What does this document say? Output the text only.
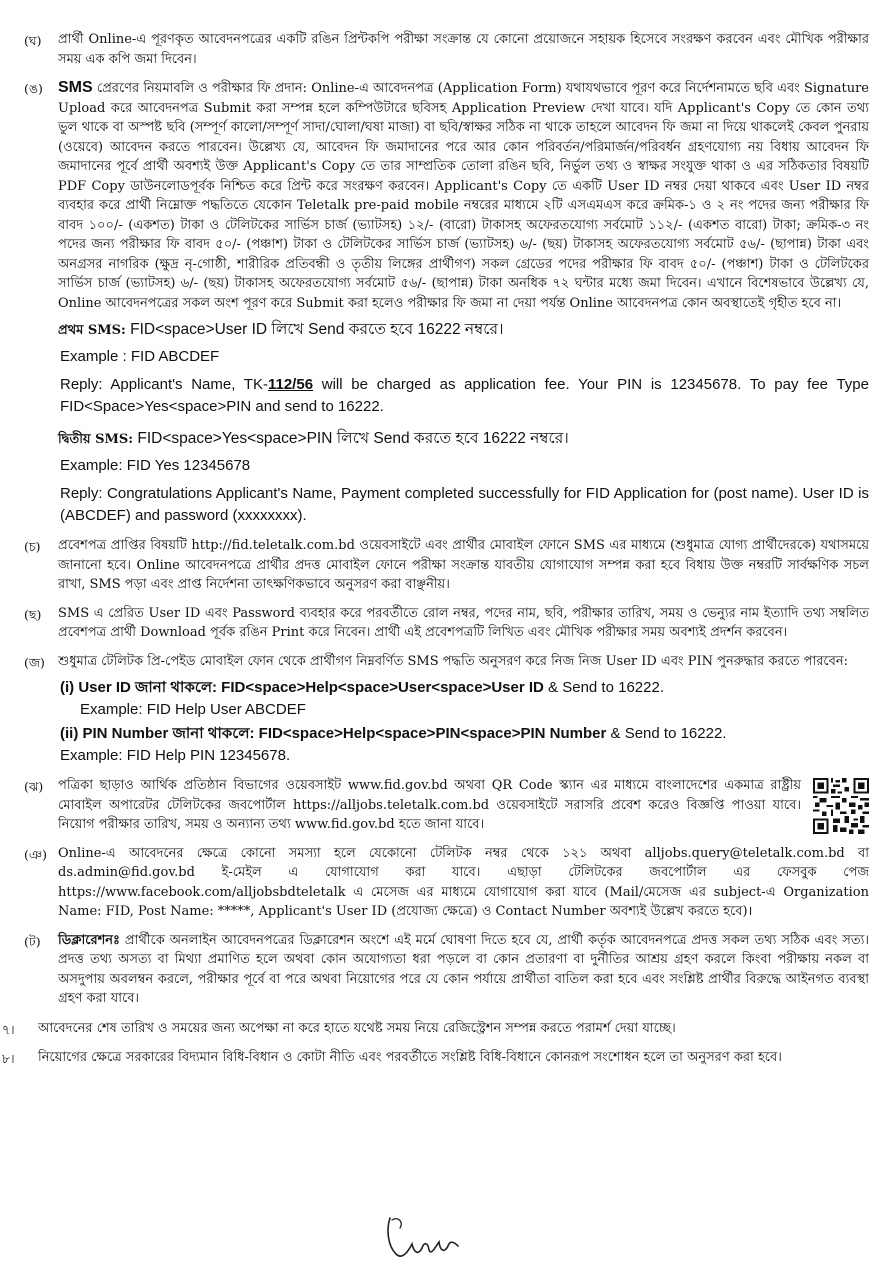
(ঘ)	প্রার্থী Online-এ পূরণকৃত আবেদনপত্রের একটি রঙিন প্রিন্টকপি পরীক্ষা সংক্রান্ত যে কোনো প্রয়োজনে সহায়ক হিসেবে সংরক্ষণ করবেন এবং মৌখিক পরীক্ষার সময় এক কপি জমা দিবেন।

(ঙ) SMS প্রেরণের নিয়মাবলি ও পরীক্ষার ফি প্রদান: Online-এ আবেদনপত্র (Application Form) যথাযথভাবে পূরণ করে নির্দেশনামতে ছবি এবং Signature Upload করে আবেদনপত্র Submit করা সম্পন্ন হলে কম্পিউটারে ছবিসহ Application Preview দেখা যাবে। যদি Applicant's Copy তে কোন তথ্য ভুল থাকে বা অস্পষ্ট ছবি (সম্পূর্ণ কালো/সম্পূর্ণ সাদা/ঘোলা/ঘষা মাজা) বা ছবি/স্বাক্ষর সঠিক না থাকে তাহলে আবেদন ফি জমা না দিয়ে থাকলেই কেবল পুনরায় (ওয়েবে) আবেদন করতে পারবেন। উল্লেখ্য যে, আবেদন ফি জমাদানের পরে আর কোন পরিবর্তন/পরিমার্জন/পরিবর্ধন গ্রহণযোগ্য নয় বিধায় আবেদন ফি জমাদানের পূর্বে প্রার্থী অবশ্যই উক্ত Applicant's Copy তে তার সাম্প্রতিক তোলা রঙিন ছবি, নির্ভুল তথ্য ও স্বাক্ষর সংযুক্ত থাকা ও এর সঠিকতার বিষয়টি PDF Copy ডাউনলোডপূর্বক নিশ্চিত করে প্রিন্ট করে সংরক্ষণ করবেন। Applicant's Copy তে একটি User ID নম্বর দেয়া থাকবে এবং User ID নম্বর ব্যবহার করে প্রার্থী নিম্নোক্ত পদ্ধতিতে যেকোন Teletalk pre-paid mobile নম্বরের মাধ্যমে ২টি এসএমএস করে ক্রমিক-১ ও ২ নং পদের জন্য পরীক্ষার ফি বাবদ ১০০/- (একশত) টাকা ও টেলিটকের সার্ভিস চার্জ (ভ্যাটসহ) ১২/- (বারো) টাকাসহ অফেরতযোগ্য সর্বমোট ১১২/- (একশত বারো) টাকা; ক্রমিক-৩ নং পদের জন্য পরীক্ষার ফি বাবদ ৫০/- (পঞ্চাশ) টাকা ও টেলিটকের সার্ভিস চার্জ (ভ্যাটসহ) ৬/- (ছয়) টাকাসহ অফেরতযোগ্য সর্বমোট ৫৬/- (ছাপান্ন) টাকা এবং অনগ্রসর নাগরিক (ক্ষুদ্র নৃ-গোষ্ঠী, শারীরিক প্রতিবন্ধী ও তৃতীয় লিঙ্গের প্রার্থীগণ) সকল গ্রেডের পদের পরীক্ষার ফি বাবদ ৫০/- (পঞ্চাশ) টাকা ও টেলিটকের সার্ভিস চার্জ (ভ্যাটসহ) ৬/- (ছয়) টাকাসহ অফেরতযোগ্য সর্বমোট ৫৬/- (ছাপান্ন) টাকা অনধিক ৭২ ঘন্টার মধ্যে জমা দিবেন। এখানে বিশেষভাবে উল্লেখ্য যে, Online আবেদনপত্রের সকল অংশ পূরণ করে Submit করা হলেও পরীক্ষার ফি জমা না দেয়া পর্যন্ত Online আবেদনপত্র কোন অবস্থাতেই গৃহীত হবে না।

প্রথম SMS: FID<space>User ID লিখে Send করতে হবে 16222 নম্বরে।
Example : FID ABCDEF
Reply: Applicant's Name, TK-112/56 will be charged as application fee. Your PIN is 12345678. To pay fee Type FID<Space>Yes<space>PIN and send to 16222.
দ্বিতীয় SMS: FID<space>Yes<space>PIN লিখে Send করতে হবে 16222 নম্বরে।
Example: FID Yes 12345678
Reply: Congratulations Applicant's Name, Payment completed successfully for FID Application for (post name). User ID is (ABCDEF) and password (xxxxxxxx).
(চ)	প্রবেশপত্র প্রাপ্তির বিষয়টি http://fid.teletalk.com.bd ওয়েবসাইটে এবং প্রার্থীর মোবাইল ফোনে SMS এর মাধ্যমে (শুধুমাত্র যোগ্য প্রার্থীদেরকে) যথাসময়ে জানানো হবে। Online আবেদনপত্রে প্রার্থীর প্রদত্ত মোবাইল ফোনে পরীক্ষা সংক্রান্ত যাবতীয় যোগাযোগ সম্পন্ন করা হবে বিধায় উক্ত নম্বরটি সার্বক্ষণিক সচল রাখা, SMS পড়া এবং প্রাপ্ত নির্দেশনা তাৎক্ষণিকভাবে অনুসরণ করা বাঞ্ছনীয়।

(ছ)	SMS এ প্রেরিত User ID এবং Password ব্যবহার করে পরবর্তীতে রোল নম্বর, পদের নাম, ছবি, পরীক্ষার তারিখ, সময় ও ভেন্যুর নাম ইত্যাদি তথ্য সম্বলিত প্রবেশপত্র প্রার্থী Download পূর্বক রঙিন Print করে নিবেন। প্রার্থী এই প্রবেশপত্রটি লিখিত এবং মৌখিক পরীক্ষার সময় অবশ্যই প্রদর্শন করবেন।

(জ)	শুধুমাত্র টেলিটক প্রি-পেইড মোবাইল ফোন থেকে প্রার্থীগণ নিম্নবর্ণিত SMS পদ্ধতি অনুসরণ করে নিজ নিজ User ID এবং PIN পুনরুদ্ধার করতে পারবেন:

(i) User ID জানা থাকলে: FID<space>Help<space>User<space>User ID & Send to 16222.
Example: FID Help User ABCDEF
(ii) PIN Number জানা থাকলে: FID<space>Help<space>PIN<space>PIN Number & Send to 16222.
Example: FID Help PIN 12345678.
(ঝ)	পত্রিকা ছাড়াও আর্থিক প্রতিষ্ঠান বিভাগের ওয়েবসাইট www.fid.gov.bd অথবা QR Code স্ক্যান এর মাধ্যমে বাংলাদেশের একমাত্র রাষ্ট্রীয় মোবাইল অপারেটর টেলিটকের জবপোর্টাল https://alljobs.teletalk.com.bd ওয়েবসাইটে সরাসরি প্রবেশ করেও বিজ্ঞপ্তি পাওয়া যাবে। নিয়োগ পরীক্ষার তারিখ, সময় ও অন্যান্য তথ্য www.fid.gov.bd হতে জানা যাবে।

(ঞ) Online-এ আবেদনের ক্ষেত্রে কোনো সমস্যা হলে যেকোনো টেলিটক নম্বর থেকে ১২১ অথবা alljobs.query@teletalk.com.bd বা ds.admin@fid.gov.bd ই-মেইল এ যোগাযোগ করা যাবে। এছাড়া টেলিটকের জবপোর্টাল এর ফেসবুক পেজ https://www.facebook.com/alljobsbdteletalk এ মেসেজ এর মাধ্যমে যোগাযোগ করা যাবে (Mail/মেসেজ এর subject-এ Organization Name: FID, Post Name: *****, Applicant's User ID (প্রযোজ্য ক্ষেত্রে) ও Contact Number অবশ্যই উল্লেখ করতে হবে)।

(ট)	ডিক্লারেশনঃ প্রার্থীকে অনলাইন আবেদনপত্রের ডিক্লারেশন অংশে এই মর্মে ঘোষণা দিতে হবে যে, প্রার্থী কর্তৃক আবেদনপত্রে প্রদত্ত সকল তথ্য সঠিক এবং সত্য। প্রদত্ত তথ্য অসত্য বা মিথ্যা প্রমাণিত হলে অথবা কোন অযোগ্যতা ধরা পড়লে বা কোন প্রতারণা বা দুর্নীতির আশ্রয় গ্রহণ করলে কিংবা পরীক্ষায় নকল বা অসদুপায় অবলম্বন করলে, পরীক্ষার পূর্বে বা পরে অথবা নিয়োগের পরে যে কোন পর্যায়ে প্রার্থীতা বাতিল করা হবে এবং সংশ্লিষ্ট প্রার্থীর বিরুদ্ধে আইনগত ব্যবস্থা গ্রহণ করা যাবে।

৭।	আবেদনের শেষ তারিখ ও সময়ের জন্য অপেক্ষা না করে হাতে যথেষ্ট সময় নিয়ে রেজিস্ট্রেশন সম্পন্ন করতে পরামর্শ দেয়া যাচ্ছে।

৮।	নিয়োগের ক্ষেত্রে সরকারের বিদ্যমান বিধি-বিধান ও কোটা নীতি এবং পরবর্তীতে সংশ্লিষ্ট বিধি-বিধানে কোনরূপ সংশোধন হলে তা অনুসরণ করা হবে।
